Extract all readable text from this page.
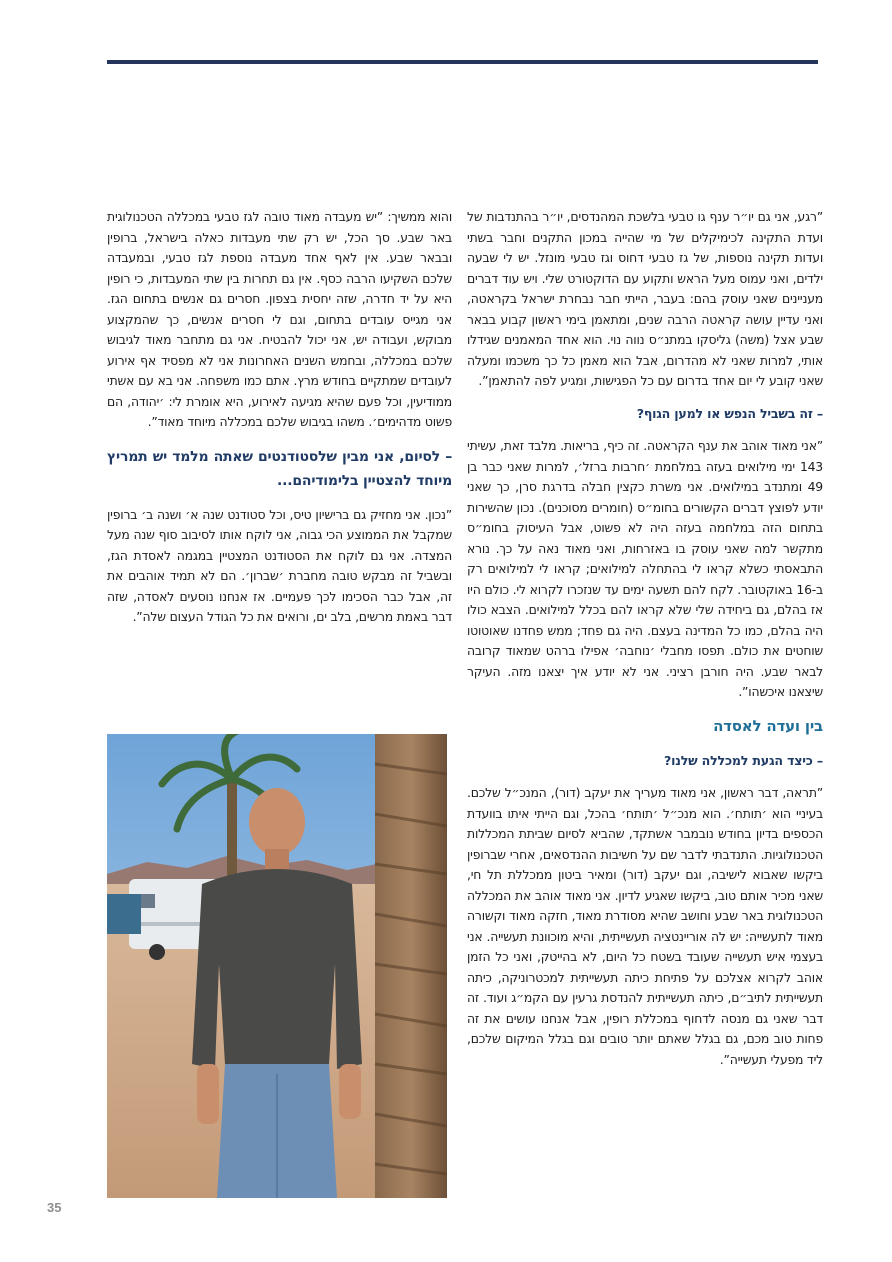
”רגע, אני גם יו״ר ענף גו טבעי בלשכת המהנדסים, יו״ר בהתנדבות של ועדת התקינה לכימיקלים של מי שהייה במכון התקנים וחבר בשתי ועדות תקינה נוספות, של גז טבעי דחוס וגז טבעי מונזל. יש לי שבעה ילדים, ואני עמוס מעל הראש ותקוע עם הדוקטורט שלי. ויש עוד דברים מעניינים שאני עוסק בהם: בעבר, הייתי חבר נבחרת ישראל בקראטה, ואני עדיין עושה קראטה הרבה שנים, ומתאמן בימי ראשון קבוע בבאר שבע אצל (משה) גליסקו במתנ״ס נווה נוי. הוא אחד המאמנים שגידלו אותי, למרות שאני לא מהדרום, אבל הוא מאמן כל כך משכמו ומעלה שאני קובע לי יום אחד בדרום עם כל הפגישות, ומגיע לפה להתאמן”.

– זה בשביל הנפש או למען הגוף?

”אני מאוד אוהב את ענף הקראטה. זה כיף, בריאות. מלבד זאת, עשיתי 143 ימי מילואים בעזה במלחמת ׳חרבות ברזל׳, למרות שאני כבר בן 49 ומתנדב במילואים. אני משרת כקצין חבלה בדרגת סרן, כך שאני יודע לפוצץ דברים הקשורים בחומ״ס (חומרים מסוכנים). נכון שהשירות בתחום הזה במלחמה בעזה היה לא פשוט, אבל העיסוק בחומ״ס מתקשר למה שאני עוסק בו באזרחות, ואני מאוד נאה על כך. נורא התבאסתי כשלא קראו לי בהתחלה למילואים; קראו לי למילואים רק ב-16 באוקטובר. לקח להם תשעה ימים עד שנזכרו לקרוא לי. כולם היו אז בהלם, גם ביחידה שלי שלא קראו להם בכלל למילואים. הצבא כולו היה בהלם, כמו כל המדינה בעצם. היה גם פחד; ממש פחדנו שאוטוטו שוחטים את כולם. תפסו מחבלי ׳נוחבה׳ אפילו ברהט שמאוד קרובה לבאר שבע. היה חורבן רציני. אני לא יודע איך יצאנו מזה. העיקר שיצאנו איכשהו”.

בין ועדה לאסדה
– כיצד הגעת למכללה שלנו?

”תראה, דבר ראשון, אני מאוד מעריך את יעקב (דור), המנכ״ל שלכם. בעיניי הוא ׳תותח׳. הוא מנכ״ל ׳תותח׳ בהכל, וגם הייתי איתו בוועדת הכספים בדיון בחודש נובמבר אשתקד, שהביא לסיום שביתת המכללות הטכנולוגיות. התנדבתי לדבר שם על חשיבות ההנדסאים, אחרי שברופין ביקשו שאבוא לישיבה, וגם יעקב (דור) ומאיר ביטון ממכללת תל חי, שאני מכיר אותם טוב, ביקשו שאגיע לדיון. אני מאוד אוהב את המכללה הטכנולוגית באר שבע וחושב שהיא מסודרת מאוד, חזקה מאוד וקשורה מאוד לתעשייה: יש לה אוריינטציה תעשייתית, והיא מוכוונת תעשייה. אני בעצמי איש תעשייה שעובד בשטח כל היום, לא בהייטק, ואני כל הזמן אוהב לקרוא אצלכם על פתיחת כיתה תעשייתית למכטרוניקה, כיתה תעשייתית לתיב״ם, כיתה תעשייתית להנדסת גרעין עם הקמ״ג ועוד. זה דבר שאני גם מנסה לדחוף במכללת רופין, אבל אנחנו עושים את זה פחות טוב מכם, גם בגלל שאתם יותר טובים וגם בגלל המיקום שלכם, ליד מפעלי תעשייה”.

והוא ממשיך: ”יש מעבדה מאוד טובה לגז טבעי במכללה הטכנולוגית באר שבע. סך הכל, יש רק שתי מעבדות כאלה בישראל, ברופין ובבאר שבע. אין לאף אחד מעבדה נוספת לגז טבעי, ובמעבדה שלכם השקיעו הרבה כסף. אין גם תחרות בין שתי המעבדות, כי רופין היא על יד חדרה, שזה יחסית בצפון. חסרים גם אנשים בתחום הגז. אני מגייס עובדים בתחום, וגם לי חסרים אנשים, כך שהמקצוע מבוקש, ועבודה יש, אני יכול להבטיח. אני גם מתחבר מאוד לגיבוש שלכם במכללה, ובחמש השנים האחרונות אני לא מפסיד אף אירוע לעובדים שמתקיים בחודש מרץ. אתם כמו משפחה. אני בא עם אשתי ממודיעין, וכל פעם שהיא מגיעה לאירוע, היא אומרת לי: ׳יהודה, הם פשוט מדהימים׳. משהו בגיבוש שלכם במכללה מיוחד מאוד”.

– לסיום, אני מבין שלסטודנטים שאתה מלמד יש תמריץ מיוחד להצטיין בלימודיהם...

”נכון. אני מחזיק גם ברישיון טיס, וכל סטודנט שנה א׳ ושנה ב׳ ברופין שמקבל את הממוצע הכי גבוה, אני לוקח אותו לסיבוב סוף שנה מעל המצדה. אני גם לוקח את הסטודנט המצטיין במגמה לאסדת הגז, ובשביל זה מבקש טובה מחברת ׳שברון׳. הם לא תמיד אוהבים את זה, אבל כבר הסכימו לכך פעמיים. אז אנחנו נוסעים לאסדה, שזה דבר באמת מרשים, בלב ים, ורואים את כל הגודל העצום שלה”.

35
